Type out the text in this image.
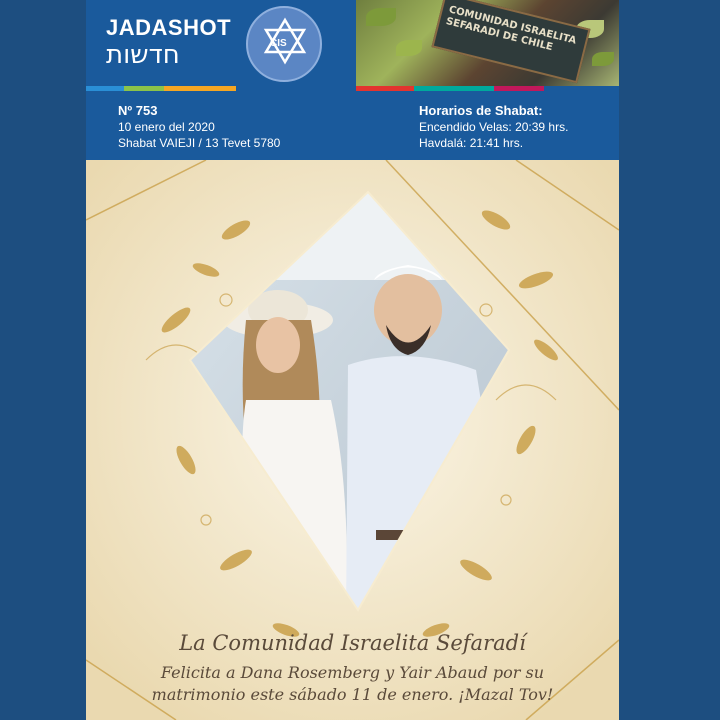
JADASHOT
חדשות	CIS	COMUNIDAD ISRAELITA SEFARADI DE CHILE
Nº 753
10 enero del 2020
Shabat VAIEJI / 13 Tevet 5780
Horarios de Shabat:
Encendido Velas: 20:39 hrs.
Havdalá: 21:41 hrs.
La Comunidad Israelita Sefaradí
Felicita a Dana Rosemberg y Yair Abaud por su
matrimonio este sábado 11 de enero. ¡Mazal Tov!
